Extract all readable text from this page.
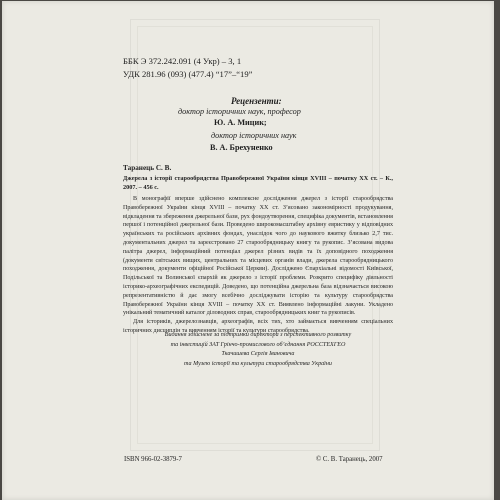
ББК Э 372.242.091 (4 Укр) – 3, 1
УДК 281.96 (093) (477.4) “17”–“19”
Рецензенти:
доктор історичних наук, професор
Ю. А. Мицик;
доктор історичних наук
В. А. Брехуненко
Таранець С. В.
Джерела з історії старообрядства Правобережної України кінця XVIII – початку XX ст. – К., 2007. – 456 с.

В монографії вперше здійснено комплексне дослідження джерел з історії старообрядства Правобережної України кінця XVIII – початку XX ст. З’ясовано закономірності продукування, відкладення та збереження джерельної бази, рух фондоутворення, специфіка документів, встановлення першої і потенційної джерельної бази. Проведено широкомасштабну архівну евристику у відповідних українських та російських архівних фондах, унаслідок чого до наукового вжитку близько 2,7 тис. документальних джерел та зареєстровано 27 старообрядницьку книгу та рукопис. З’ясована видова палітра джерел, інформаційний потенціал джерел різних видів та їх доповідного походження (документи світських вищих, центральних та місцевих органів влади, джерела старообрядницького походження, документи офіційної Російської Церкви). Досліджено Єпархіальні відомості Київської, Подільської та Волинської єпархій як джерело з історії проблеми. Розкрито специфіку діяльності історико-археографічних експедицій. Доведено, що потенційна джерельна база відзначається високою репрезентативністю й дає змогу всебічно досліджувати історію та культуру старообрядства Правобережної України кінця XVIII – початку XX ст. Виявлено інформаційні лакуни. Укладено унікальний тематичний каталог діловодних справ, старообрядницьких книг та рукописів.

Для істориків, джерелознавців, археографів, всіх тих, хто займається вивченням спеціальних історичних дисциплін та вивченням історії та культури старообрядства.

Видання здійснене за підтримки директора з перспективного розвитку
та інвестицій ЗАТ Грінчо-промислового об’єднання РОССТЕХГЕО
Ткачишева Сергія Івановича
та Музею історії та культури старообрядства України
ISBN 966-02-3879-7	© С. В. Таранець, 2007
